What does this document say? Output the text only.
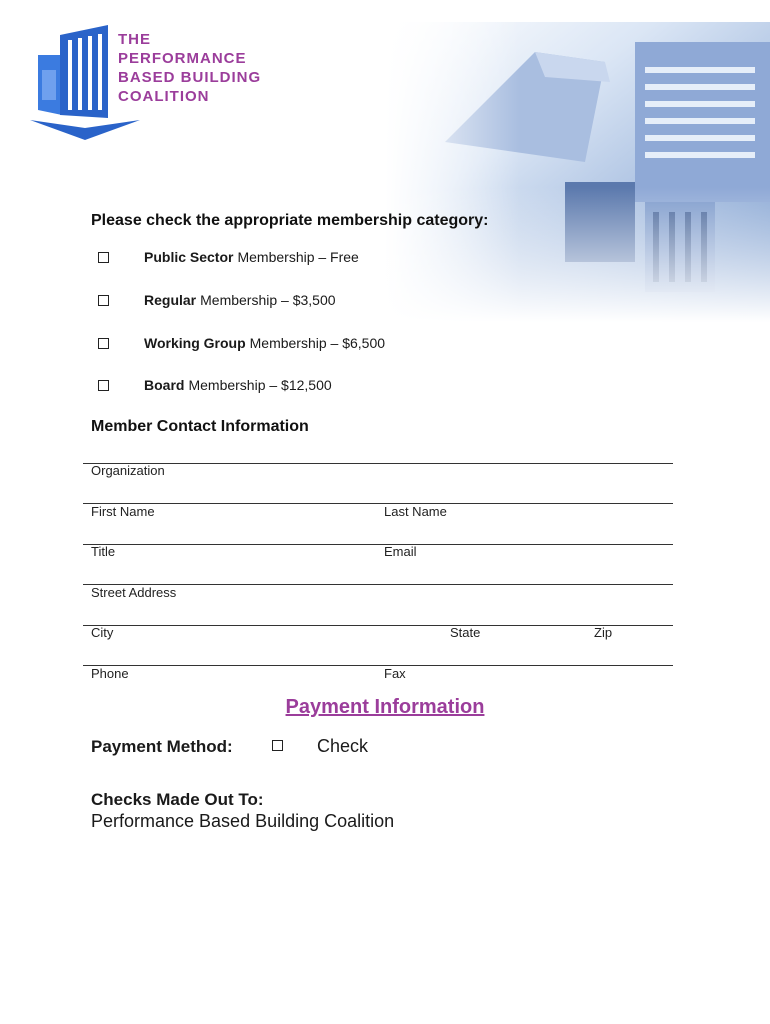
THE
PERFORMANCE
BASED BUILDING
COALITION
Please check the appropriate membership category:
Public Sector Membership – Free
Regular Membership – $3,500
Working Group Membership – $6,500
Board Membership – $12,500
Member Contact Information
Organization
First Name	Last Name
Title	Email
Street Address
City	State	Zip
Phone	Fax
Payment Information
Payment Method:	Check
Checks Made Out To:
Performance Based Building Coalition
